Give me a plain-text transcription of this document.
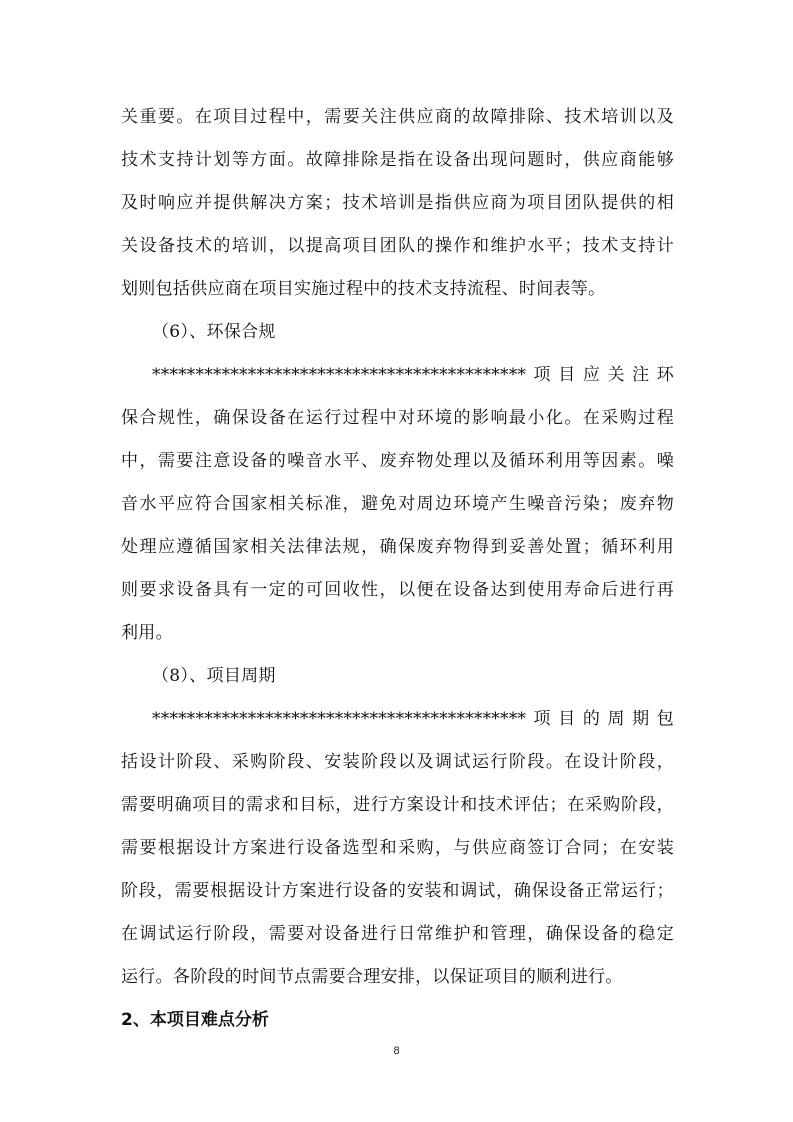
关重要。在项目过程中，需要关注供应商的故障排除、技术培训以及
技术支持计划等方面。故障排除是指在设备出现问题时，供应商能够
及时响应并提供解决方案；技术培训是指供应商为项目团队提供的相
关设备技术的培训，以提高项目团队的操作和维护水平；技术支持计
划则包括供应商在项目实施过程中的技术支持流程、时间表等。
（6）、环保合规
*******************************************项目应关注环
保合规性，确保设备在运行过程中对环境的影响最小化。在采购过程
中，需要注意设备的噪音水平、废弃物处理以及循环利用等因素。噪
音水平应符合国家相关标准，避免对周边环境产生噪音污染；废弃物
处理应遵循国家相关法律法规，确保废弃物得到妥善处置；循环利用
则要求设备具有一定的可回收性，以便在设备达到使用寿命后进行再
利用。
（8）、项目周期
*******************************************项目的周期包
括设计阶段、采购阶段、安装阶段以及调试运行阶段。在设计阶段，
需要明确项目的需求和目标，进行方案设计和技术评估；在采购阶段，
需要根据设计方案进行设备选型和采购，与供应商签订合同；在安装
阶段，需要根据设计方案进行设备的安装和调试，确保设备正常运行；
在调试运行阶段，需要对设备进行日常维护和管理，确保设备的稳定
运行。各阶段的时间节点需要合理安排，以保证项目的顺利进行。
2、本项目难点分析
8
